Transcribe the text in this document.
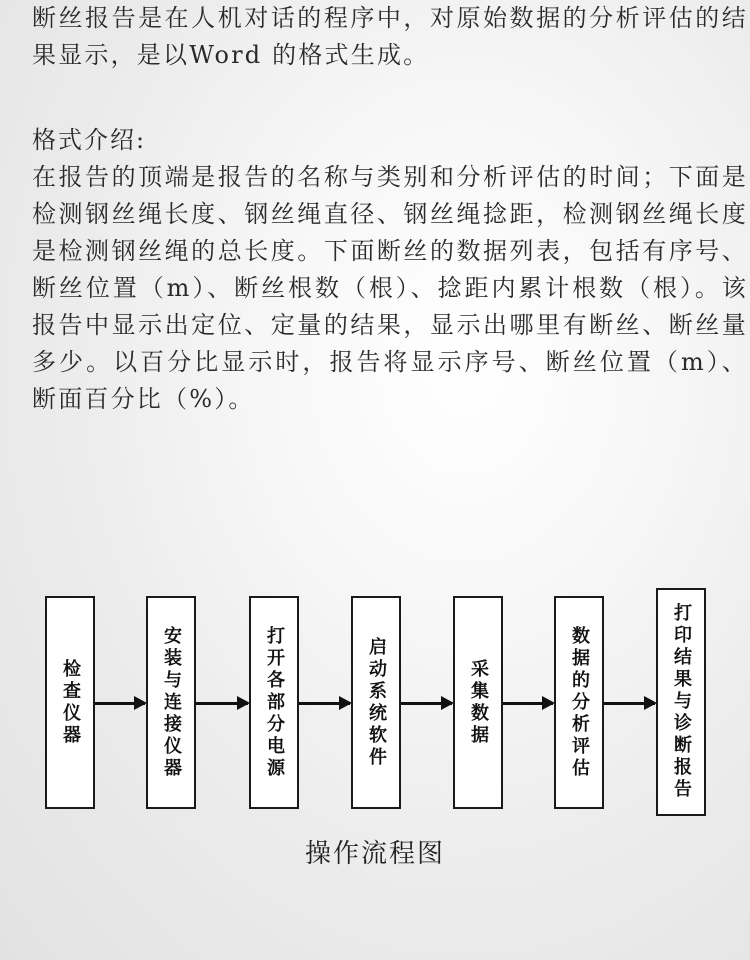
断丝报告是在人机对话的程序中，对原始数据的分析评估的结果显示，是以Word 的格式生成。

格式介绍:

在报告的顶端是报告的名称与类别和分析评估的时间；下面是检测钢丝绳长度、钢丝绳直径、钢丝绳捻距，检测钢丝绳长度是检测钢丝绳的总长度。下面断丝的数据列表，包括有序号、断丝位置（m）、断丝根数（根）、捻距内累计根数（根）。该报告中显示出定位、定量的结果，显示出哪里有断丝、断丝量多少。以百分比显示时，报告将显示序号、断丝位置（m）、断面百分比（%）。

检查仪器	安装与连接仪器	打开各部分电源	启动系统软件	采集数据	数据的分析评估	打印结果与诊断报告
操作流程图
